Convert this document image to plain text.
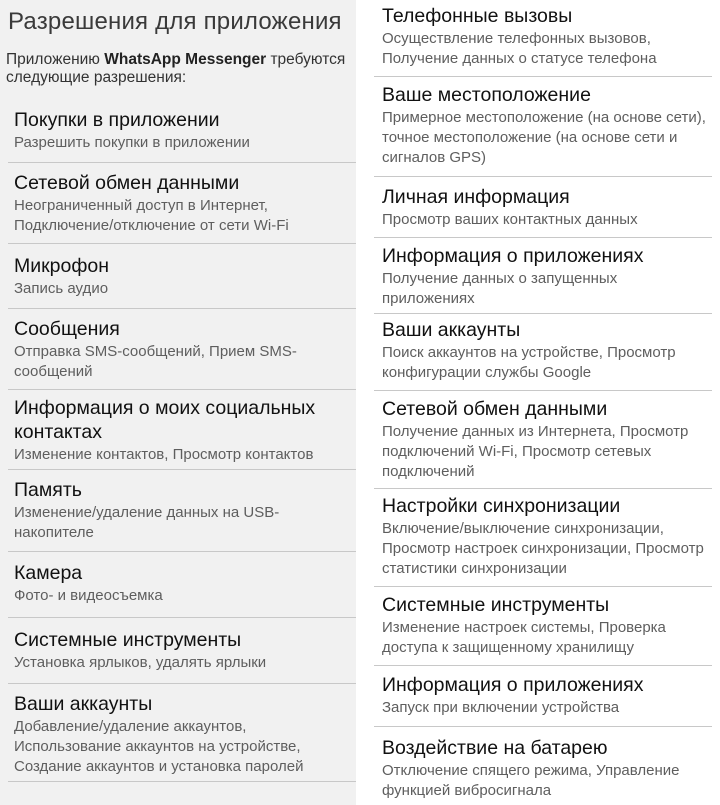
Разрешения для приложения
Приложению WhatsApp Messenger требуются следующие разрешения:
Покупки в приложении
Разрешить покупки в приложении
Сетевой обмен данными
Неограниченный доступ в Интернет, Подключение/отключение от сети Wi-Fi
Микрофон
Запись аудио
Сообщения
Отправка SMS-сообщений, Прием SMS-сообщений
Информация о моих социальных контактах
Изменение контактов, Просмотр контактов
Память
Изменение/удаление данных на USB-накопителе
Камера
Фото- и видеосъемка
Системные инструменты
Установка ярлыков, удалять ярлыки
Ваши аккаунты
Добавление/удаление аккаунтов, Использование аккаунтов на устройстве, Создание аккаунтов и установка паролей
Телефонные вызовы
Осуществление телефонных вызовов, Получение данных о статусе телефона
Ваше местоположение
Примерное местоположение (на основе сети), точное местоположение (на основе сети и сигналов GPS)
Личная информация
Просмотр ваших контактных данных
Информация о приложениях
Получение данных о запущенных приложениях
Ваши аккаунты
Поиск аккаунтов на устройстве, Просмотр конфигурации службы Google
Сетевой обмен данными
Получение данных из Интернета, Просмотр подключений Wi-Fi, Просмотр сетевых подключений
Настройки синхронизации
Включение/выключение синхронизации, Просмотр настроек синхронизации, Просмотр статистики синхронизации
Системные инструменты
Изменение настроек системы, Проверка доступа к защищенному хранилищу
Информация о приложениях
Запуск при включении устройства
Воздействие на батарею
Отключение спящего режима, Управление функцией вибросигнала
